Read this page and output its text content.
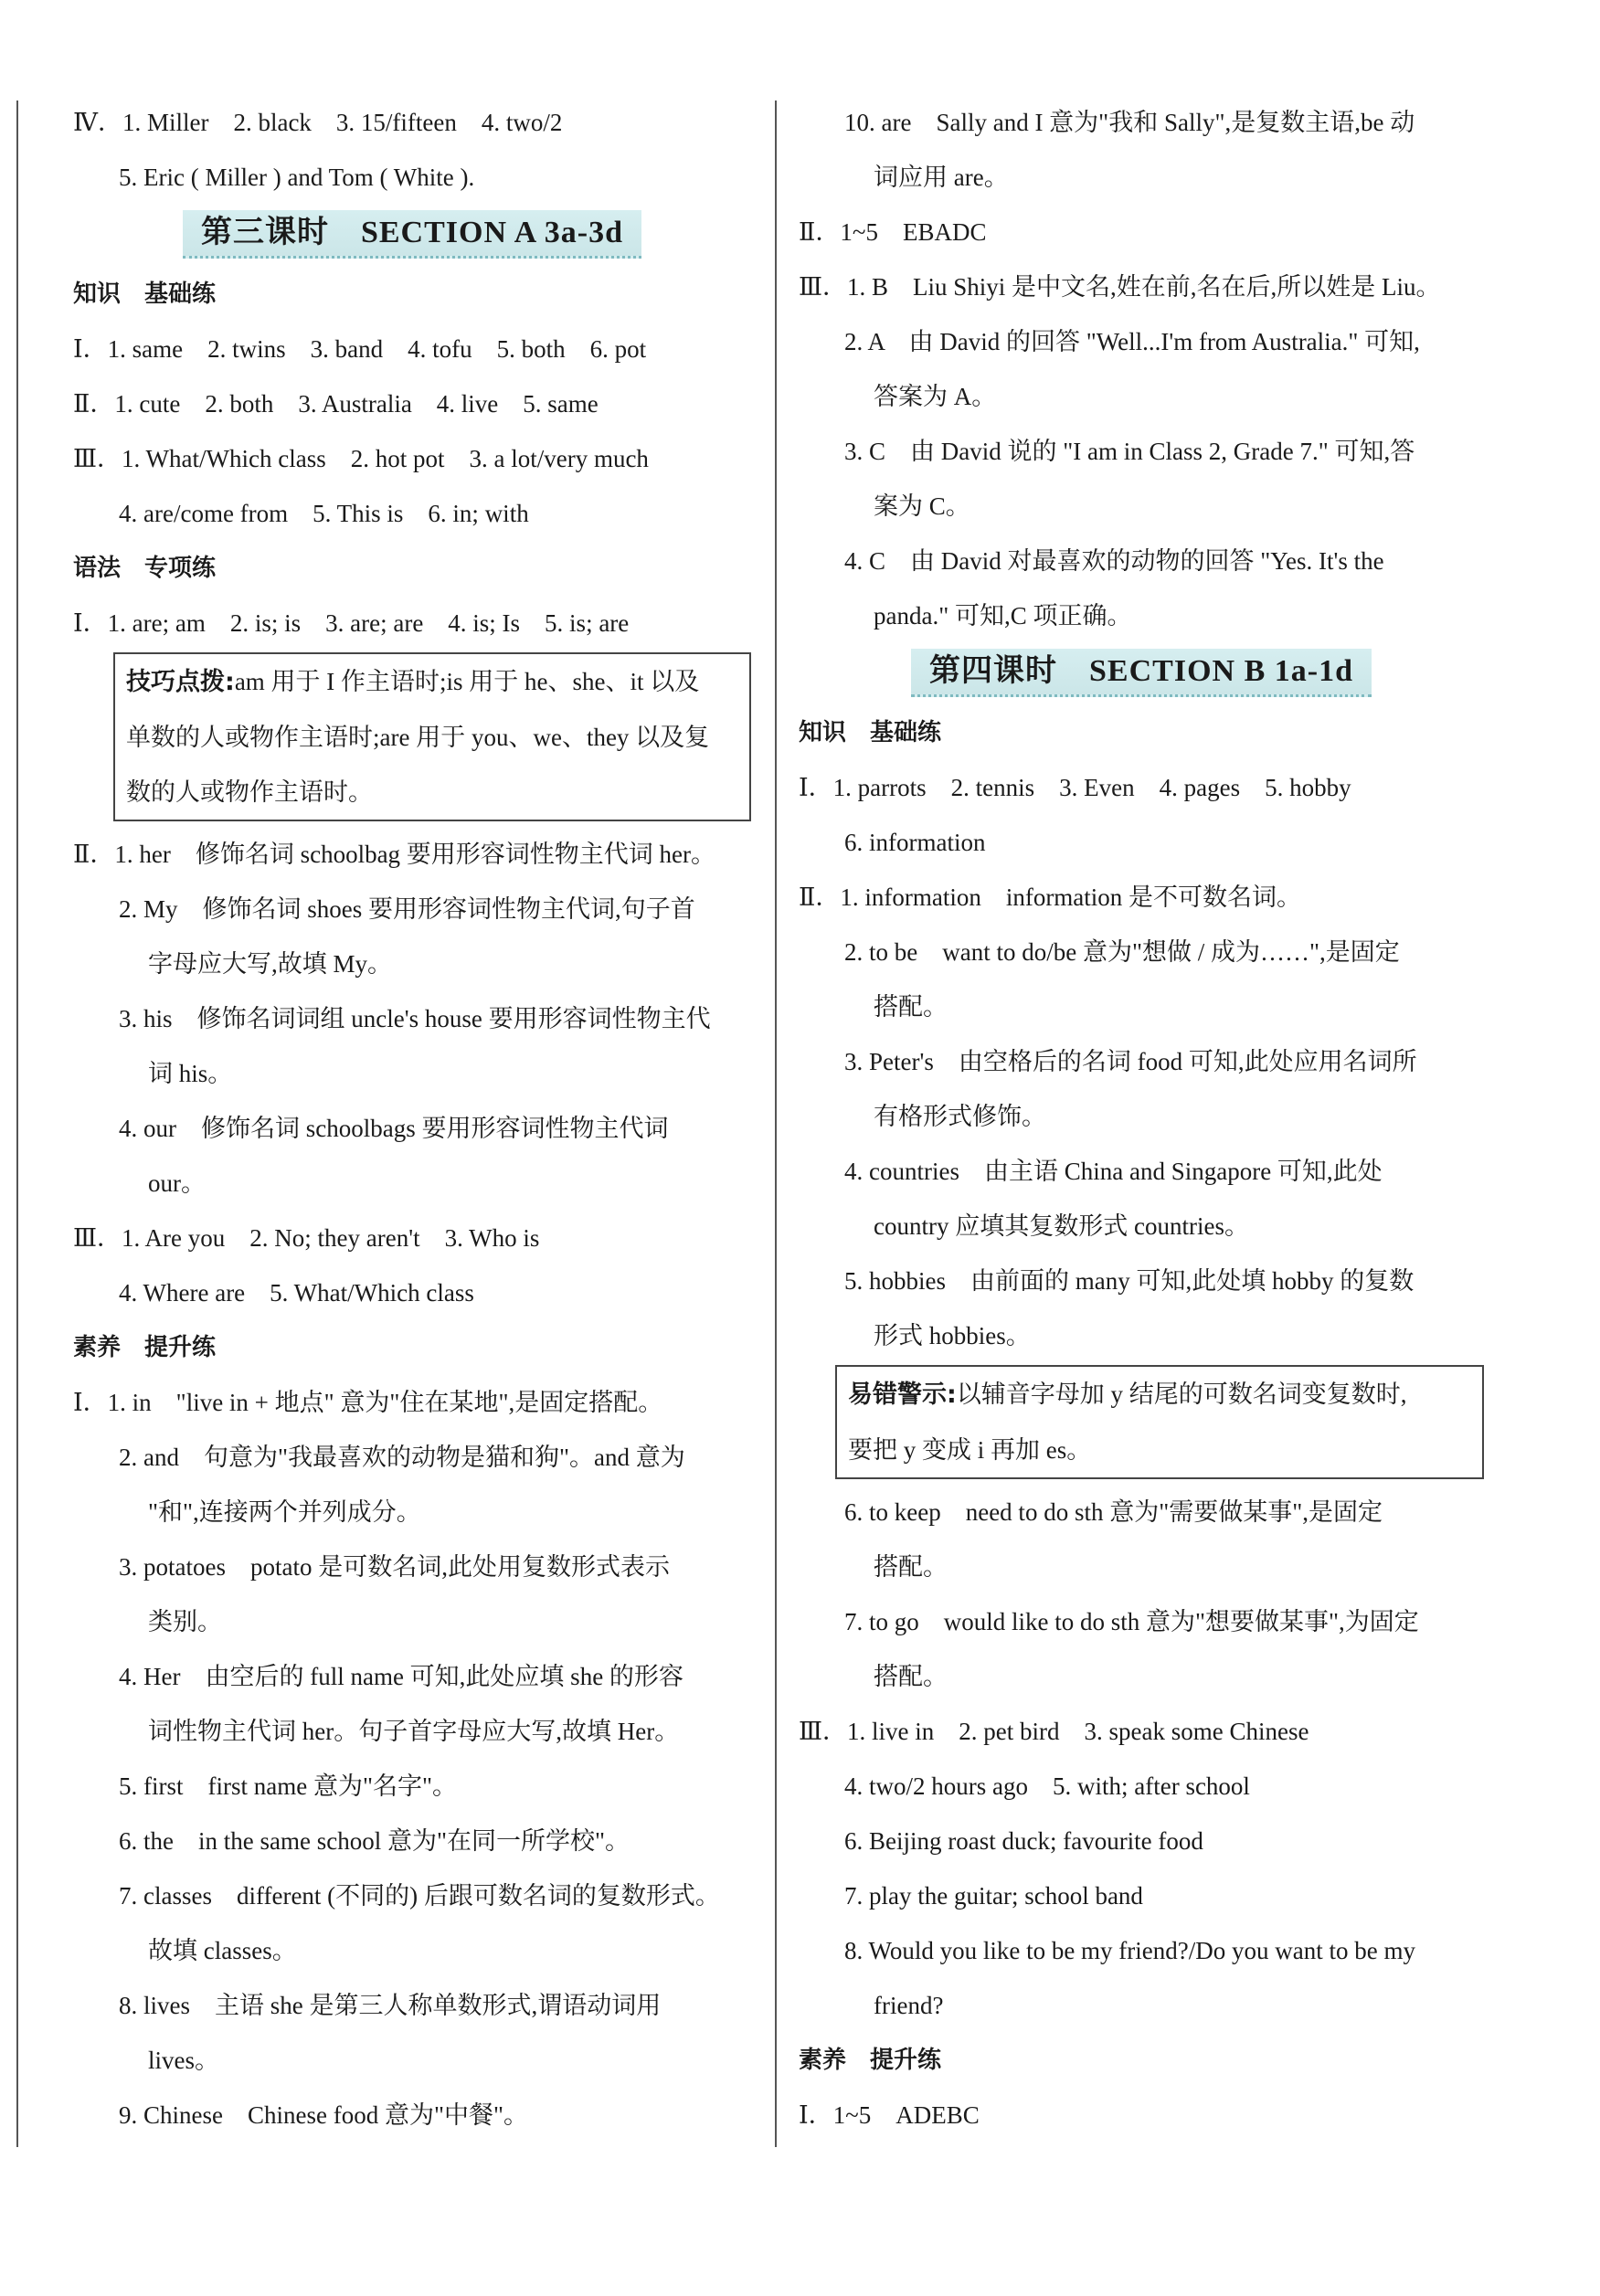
Ⅳ．1. Miller　2. black　3. 15/fifteen　4. two/2
5. Eric ( Miller ) and Tom ( White ).
第三课时　SECTION A 3a-3d
知识　基础练
Ⅰ．1. same　2. twins　3. band　4. tofu　5. both　6. pot
Ⅱ．1. cute　2. both　3. Australia　4. live　5. same
Ⅲ．1. What/Which class　2. hot pot　3. a lot/very much
4. are/come from　5. This is　6. in; with
语法　专项练
Ⅰ．1. are; am　2. is; is　3. are; are　4. is; Is　5. is; are
技巧点拨:am 用于 I 作主语时;is 用于 he、she、it 以及
单数的人或物作主语时;are 用于 you、we、they 以及复
数的人或物作主语时。
Ⅱ．1. her　修饰名词 schoolbag 要用形容词性物主代词 her。
2. My　修饰名词 shoes 要用形容词性物主代词,句子首
字母应大写,故填 My。
3. his　修饰名词词组 uncle's house 要用形容词性物主代
词 his。
4. our　修饰名词 schoolbags 要用形容词性物主代词
our。
Ⅲ．1. Are you　2. No; they aren't　3. Who is
4. Where are　5. What/Which class
素养　提升练
Ⅰ．1. in　"live in + 地点" 意为"住在某地",是固定搭配。
2. and　句意为"我最喜欢的动物是猫和狗"。and 意为
"和",连接两个并列成分。
3. potatoes　potato 是可数名词,此处用复数形式表示
类别。
4. Her　由空后的 full name 可知,此处应填 she 的形容
词性物主代词 her。句子首字母应大写,故填 Her。
5. first　first name 意为"名字"。
6. the　in the same school 意为"在同一所学校"。
7. classes　different (不同的) 后跟可数名词的复数形式。
故填 classes。
8. lives　主语 she 是第三人称单数形式,谓语动词用
lives。
9. Chinese　Chinese food 意为"中餐"。
10. are　Sally and I 意为"我和 Sally",是复数主语,be 动
词应用 are。
Ⅱ．1~5　EBADC
Ⅲ．1. B　Liu Shiyi 是中文名,姓在前,名在后,所以姓是 Liu。
2. A　由 David 的回答 "Well...I'm from Australia." 可知,
答案为 A。
3. C　由 David 说的 "I am in Class 2, Grade 7." 可知,答
案为 C。
4. C　由 David 对最喜欢的动物的回答 "Yes. It's the
panda." 可知,C 项正确。
第四课时　SECTION B 1a-1d
知识　基础练
Ⅰ．1. parrots　2. tennis　3. Even　4. pages　5. hobby
6. information
Ⅱ．1. information　information 是不可数名词。
2. to be　want to do/be 意为"想做 / 成为……",是固定
搭配。
3. Peter's　由空格后的名词 food 可知,此处应用名词所
有格形式修饰。
4. countries　由主语 China and Singapore 可知,此处
country 应填其复数形式 countries。
5. hobbies　由前面的 many 可知,此处填 hobby 的复数
形式 hobbies。
易错警示:以辅音字母加 y 结尾的可数名词变复数时,
要把 y 变成 i 再加 es。
6. to keep　need to do sth 意为"需要做某事",是固定
搭配。
7. to go　would like to do sth 意为"想要做某事",为固定
搭配。
Ⅲ．1. live in　2. pet bird　3. speak some Chinese
4. two/2 hours ago　5. with; after school
6. Beijing roast duck; favourite food
7. play the guitar; school band
8. Would you like to be my friend?/Do you want to be my
friend?
素养　提升练
Ⅰ．1~5　ADEBC
